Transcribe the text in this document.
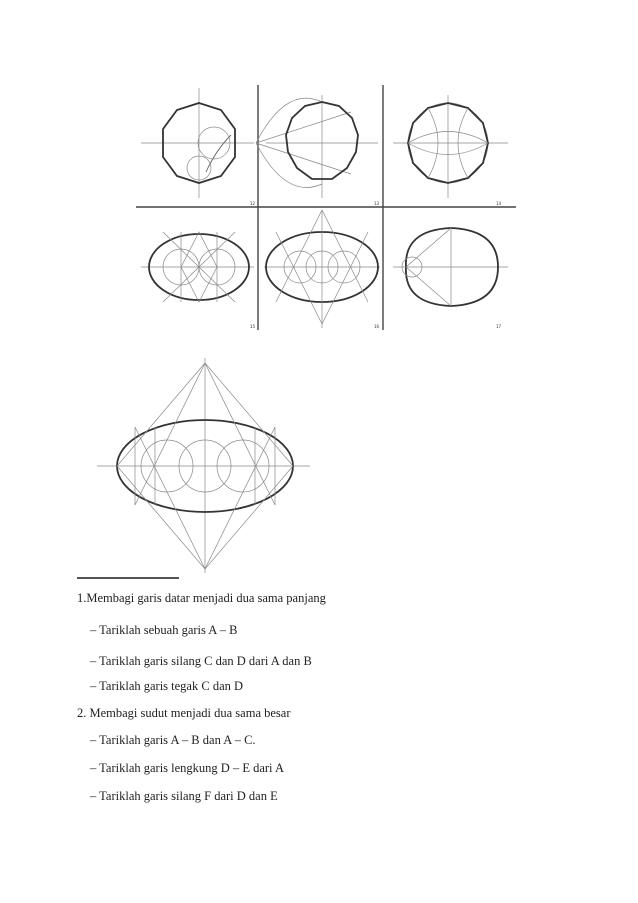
12	13	14
15	16	17
1.Membagi garis datar menjadi dua sama panjang
– Tariklah sebuah garis A – B
– Tariklah garis silang C dan D dari A dan B
– Tariklah garis tegak C dan D
2. Membagi sudut menjadi dua sama besar
– Tariklah garis A – B dan A – C.
– Tariklah garis lengkung D – E dari A
– Tariklah garis silang F dari D dan E
